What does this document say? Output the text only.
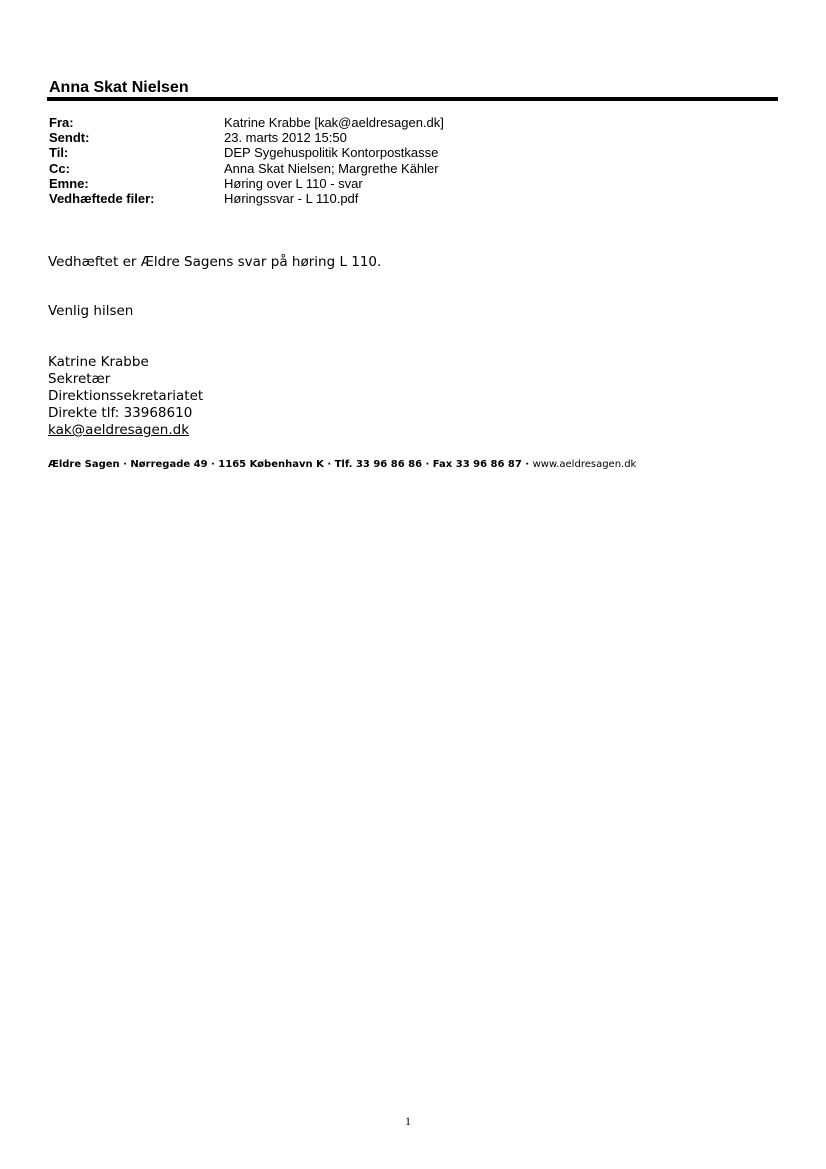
Anna Skat Nielsen
Fra:	Katrine Krabbe [kak@aeldresagen.dk]
Sendt:	23. marts 2012 15:50
Til:	DEP Sygehuspolitik Kontorpostkasse
Cc:	Anna Skat Nielsen; Margrethe Kähler
Emne:	Høring over L 110 - svar
Vedhæftede filer:	Høringssvar - L 110.pdf
Vedhæftet er Ældre Sagens svar på høring L 110.
Venlig hilsen
Katrine Krabbe
Sekretær
Direktionssekretariatet
Direkte tlf: 33968610
kak@aeldresagen.dk
Ældre Sagen · Nørregade 49 · 1165 København K · Tlf. 33 96 86 86 · Fax 33 96 86 87 · www.aeldresagen.dk
1
